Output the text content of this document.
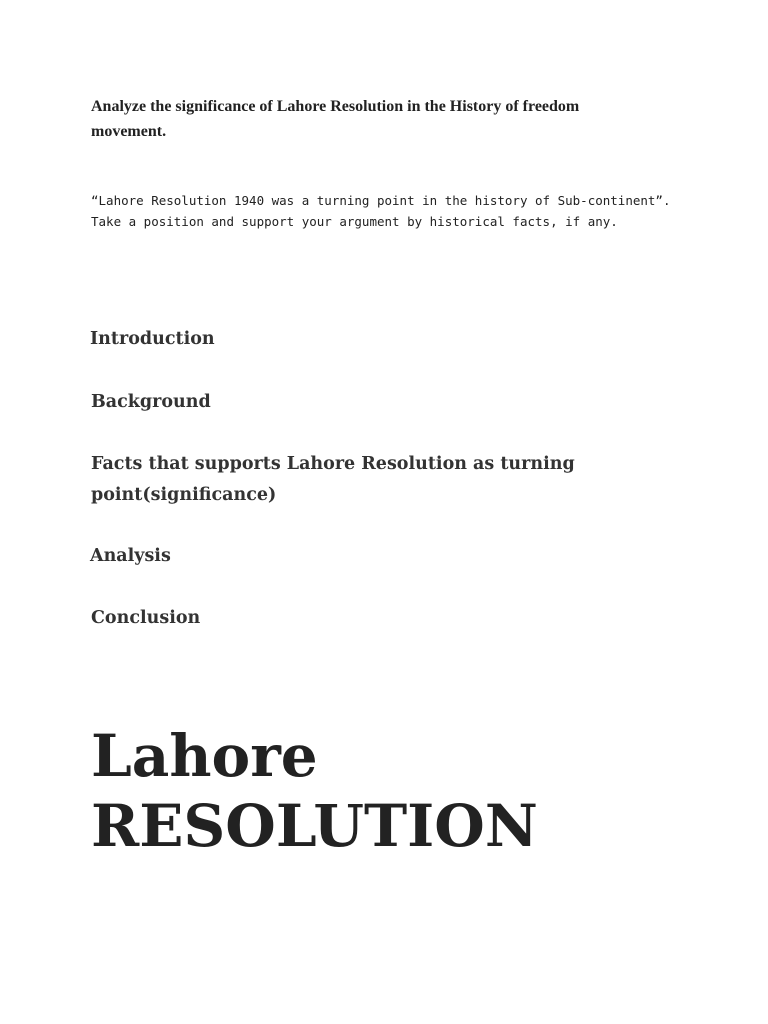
Analyze the significance of Lahore Resolution in the History of freedom movement.
“Lahore Resolution 1940 was a turning point in the history of Sub-continent”. Take a position and support your argument by historical facts, if any.
Introduction
Background
Facts that supports Lahore Resolution as turning point(significance)
Analysis
Conclusion
Lahore
RESOLUTION
